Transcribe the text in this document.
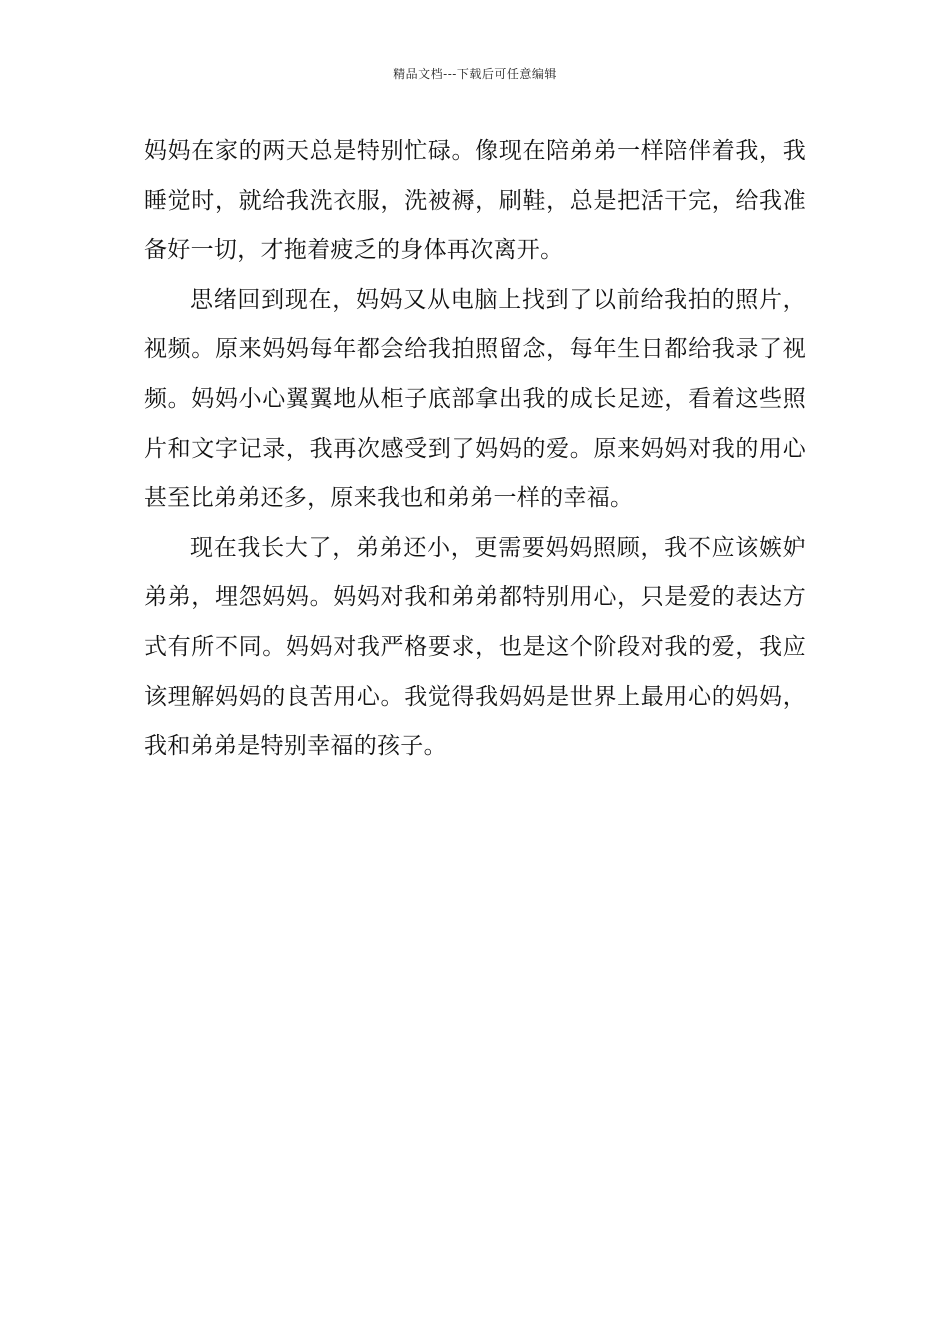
精品文档---下载后可任意编辑

妈妈在家的两天总是特别忙碌。像现在陪弟弟一样陪伴着我，我睡觉时，就给我洗衣服，洗被褥，刷鞋，总是把活干完，给我准备好一切，才拖着疲乏的身体再次离开。

思绪回到现在，妈妈又从电脑上找到了以前给我拍的照片，视频。原来妈妈每年都会给我拍照留念，每年生日都给我录了视频。妈妈小心翼翼地从柜子底部拿出我的成长足迹，看着这些照片和文字记录，我再次感受到了妈妈的爱。原来妈妈对我的用心甚至比弟弟还多，原来我也和弟弟一样的幸福。

现在我长大了，弟弟还小，更需要妈妈照顾，我不应该嫉妒弟弟，埋怨妈妈。妈妈对我和弟弟都特别用心，只是爱的表达方式有所不同。妈妈对我严格要求，也是这个阶段对我的爱，我应该理解妈妈的良苦用心。我觉得我妈妈是世界上最用心的妈妈，我和弟弟是特别幸福的孩子。
